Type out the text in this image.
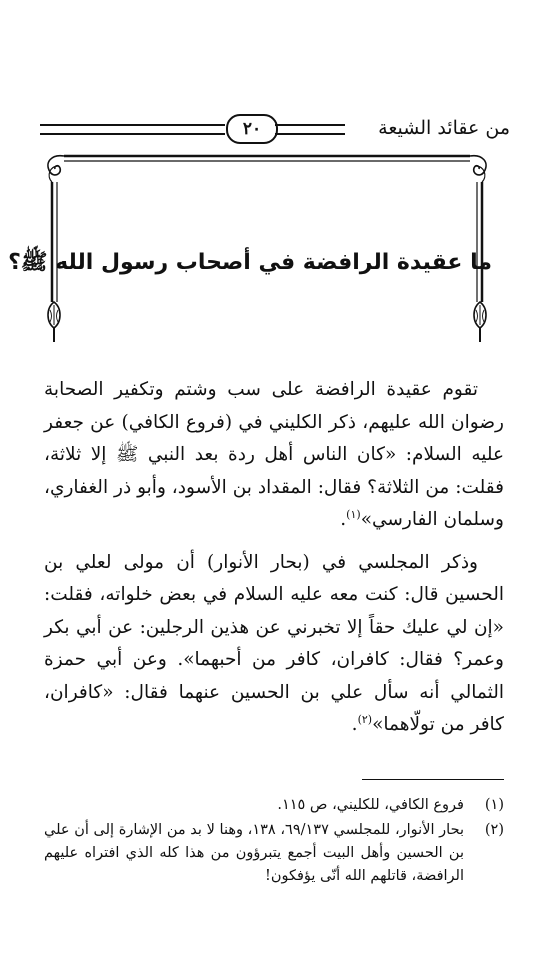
٢٠	من عقائد الشيعة
ما عقيدة الرافضة في أصحاب رسول الله ﷺ؟

تقوم عقيدة الرافضة على سب وشتم وتكفير الصحابة رضوان الله عليهم، ذكر الكليني في (فروع الكافي) عن جعفر عليه السلام: «كان الناس أهل ردة بعد النبي ﷺ إلا ثلاثة، فقلت: من الثلاثة؟ فقال: المقداد بن الأسود، وأبو ذر الغفاري، وسلمان الفارسي»$^{(١)}$.

وذكر المجلسي في (بحار الأنوار) أن مولى لعلي بن الحسين قال: كنت معه عليه السلام في بعض خلواته، فقلت: «إن لي عليك حقاً إلا تخبرني عن هذين الرجلين: عن أبي بكر وعمر؟ فقال: كافران، كافر من أحبهما». وعن أبي حمزة الثمالي أنه سأل علي بن الحسين عنهما فقال: «كافران، كافر من تولّاهما»$^{(٢)}$.

(١)
فروع الكافي، للكليني، ص ١١٥.
(٢)
بحار الأنوار، للمجلسي ٦٩/١٣٧، ١٣٨، وهنا لا بد من الإشارة إلى أن علي بن الحسين وأهل البيت أجمع يتبرؤون من هذا كله الذي افتراه عليهم الرافضة، قاتلهم الله أنّى يؤفكون!
